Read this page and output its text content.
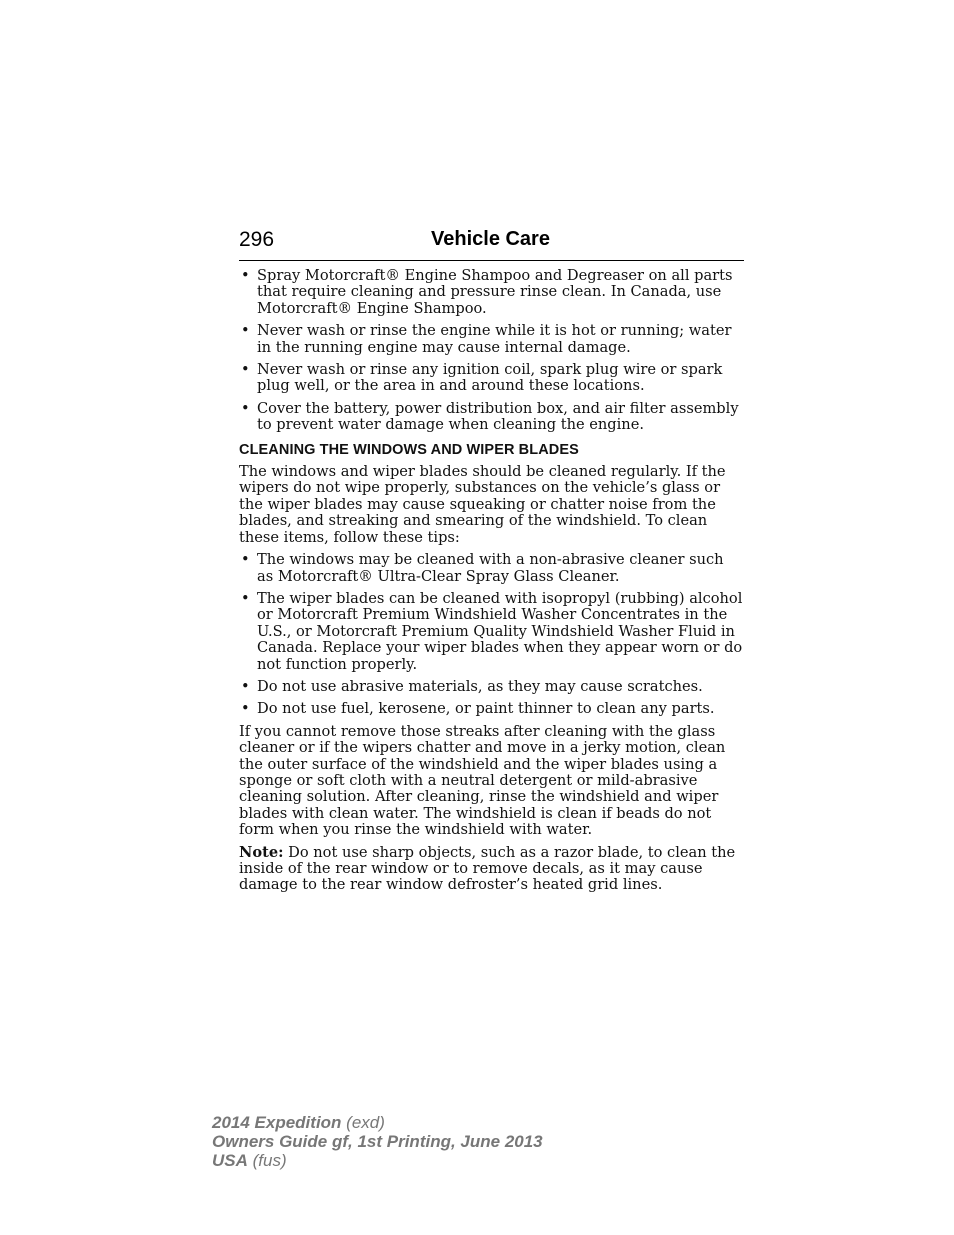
296	Vehicle Care
• Spray Motorcraft® Engine Shampoo and Degreaser on all parts that require cleaning and pressure rinse clean. In Canada, use Motorcraft® Engine Shampoo.
• Never wash or rinse the engine while it is hot or running; water in the running engine may cause internal damage.
• Never wash or rinse any ignition coil, spark plug wire or spark plug well, or the area in and around these locations.
• Cover the battery, power distribution box, and air filter assembly to prevent water damage when cleaning the engine.
CLEANING THE WINDOWS AND WIPER BLADES

The windows and wiper blades should be cleaned regularly. If the wipers do not wipe properly, substances on the vehicle’s glass or the wiper blades may cause squeaking or chatter noise from the blades, and streaking and smearing of the windshield. To clean these items, follow these tips:

• The windows may be cleaned with a non-abrasive cleaner such as Motorcraft® Ultra-Clear Spray Glass Cleaner.
• The wiper blades can be cleaned with isopropyl (rubbing) alcohol or Motorcraft Premium Windshield Washer Concentrates in the U.S., or Motorcraft Premium Quality Windshield Washer Fluid in Canada. Replace your wiper blades when they appear worn or do not function properly.
• Do not use abrasive materials, as they may cause scratches.
• Do not use fuel, kerosene, or paint thinner to clean any parts.

If you cannot remove those streaks after cleaning with the glass cleaner or if the wipers chatter and move in a jerky motion, clean the outer surface of the windshield and the wiper blades using a sponge or soft cloth with a neutral detergent or mild-abrasive cleaning solution. After cleaning, rinse the windshield and wiper blades with clean water. The windshield is clean if beads do not form when you rinse the windshield with water.

Note: Do not use sharp objects, such as a razor blade, to clean the inside of the rear window or to remove decals, as it may cause damage to the rear window defroster’s heated grid lines.

2014 Expedition (exd)
Owners Guide gf, 1st Printing, June 2013
USA (fus)
